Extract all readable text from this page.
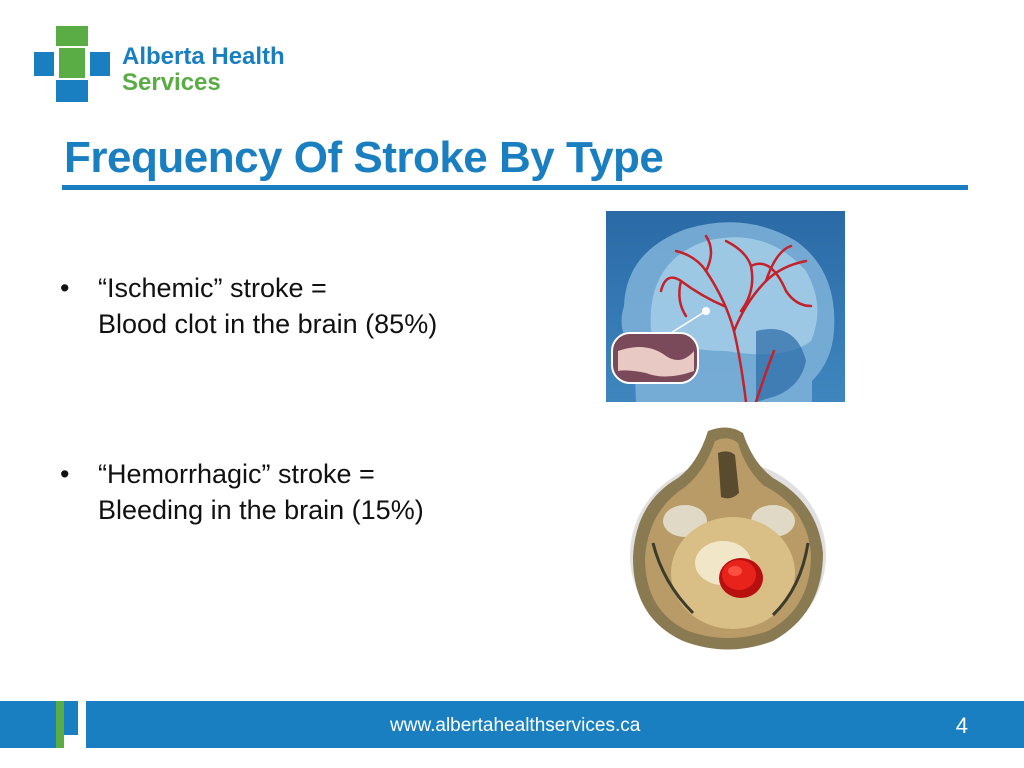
Alberta Health
Services
Frequency Of Stroke By Type
• “Ischemic” stroke =
Blood clot in the brain (85%)
• “Hemorrhagic” stroke =
Bleeding in the brain (15%)
www.albertahealthservices.ca	4
